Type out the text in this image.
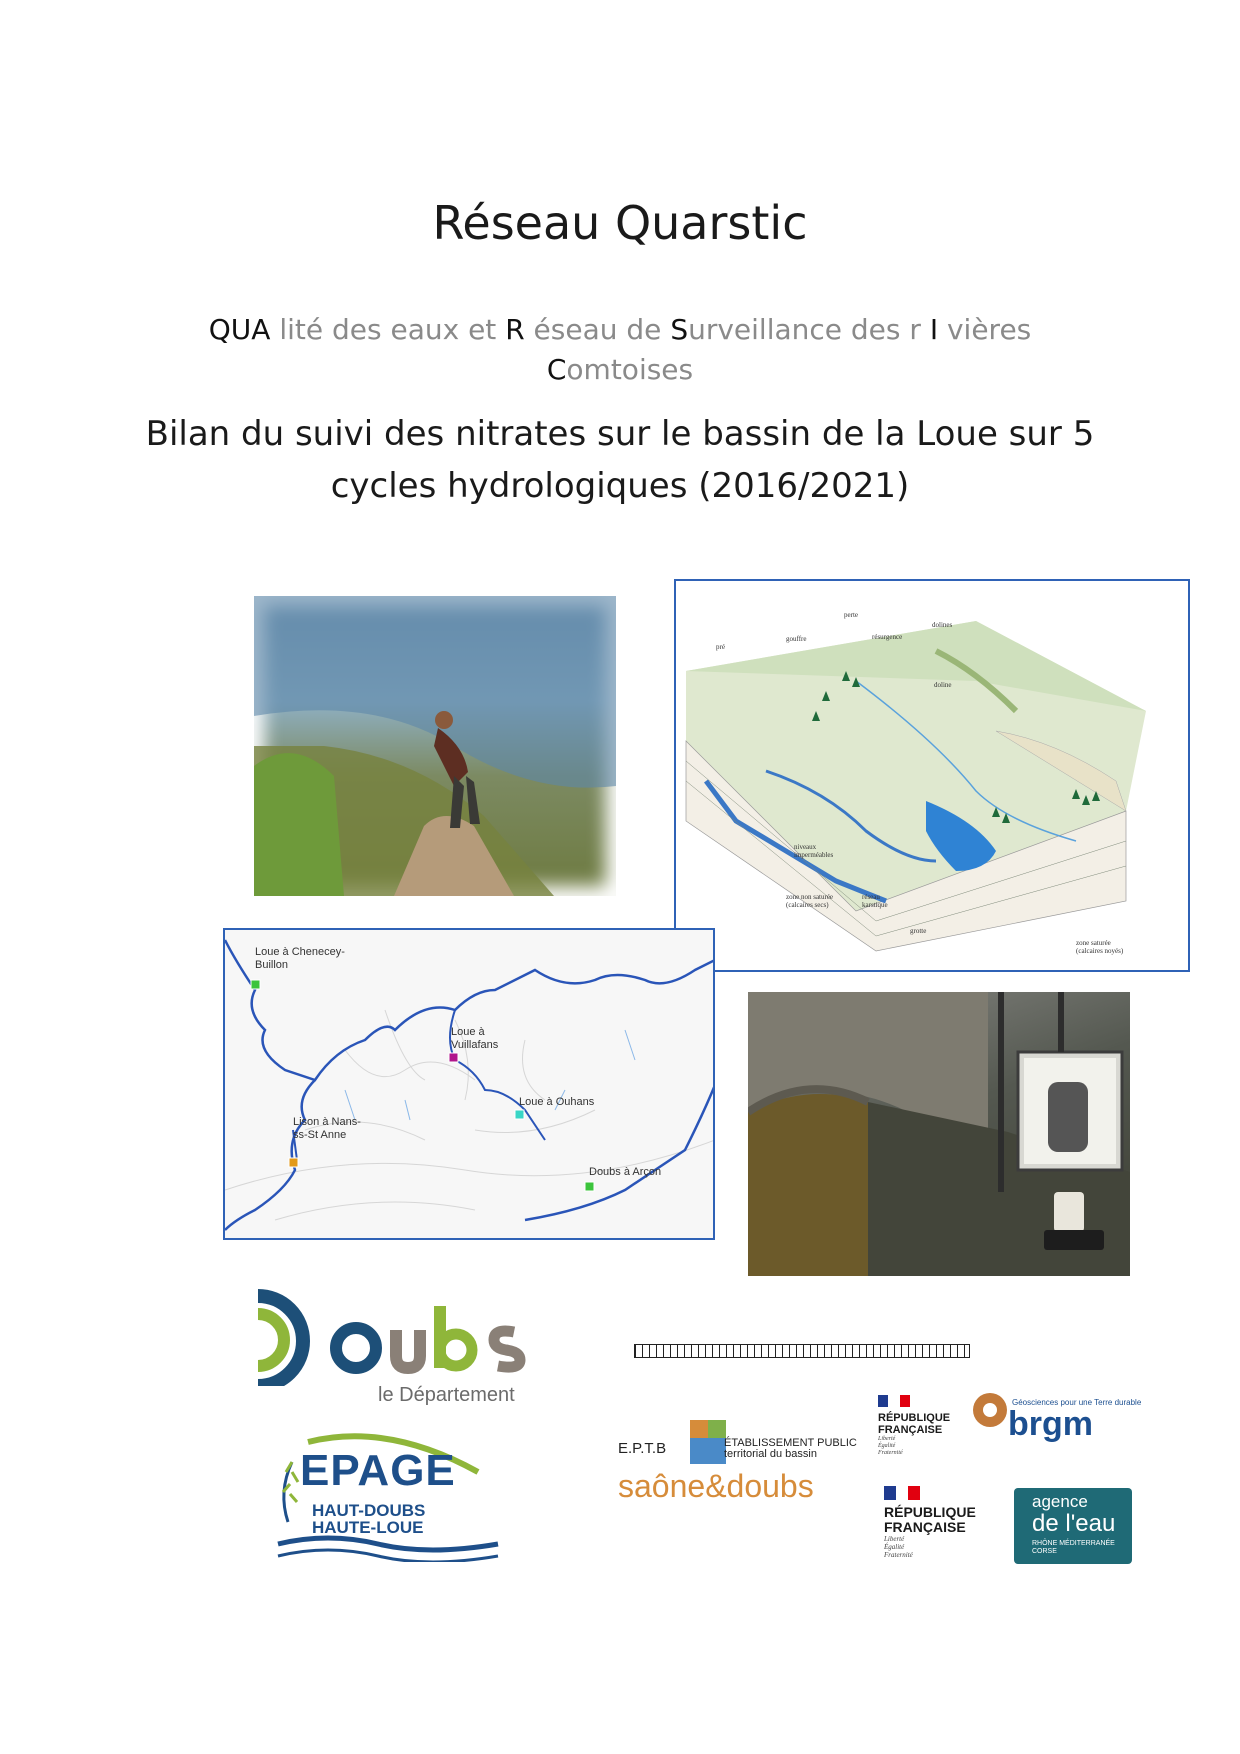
Réseau Quarstic
QUA lité des eaux et R éseau de Surveillance des r I vières
Comtoises
Bilan du suivi des nitrates sur le bassin de la Loue sur 5
cycles hydrologiques (2016/2021)
perte
pré
gouffre	résurgence
dolines
doline
niveaux imperméables
zone non saturée (calcaires secs)
réseau karstique
grotte
zone saturée (calcaires noyés)
Loue à Chenecey-Buillon
Loue à Vuillafans
Loue à Ouhans
Lison à Nans-ss-St Anne
Doubs à Arçon
le Département
EPAGE
HAUT-DOUBS
HAUTE-LOUE
E.P.T.B	ÉTABLISSEMENT PUBLIC
territorial du bassin
saône&doubs
RÉPUBLIQUE FRANÇAISE
Liberté Égalité Fraternité
Géosciences pour une Terre durable
brgm
RÉPUBLIQUE FRANÇAISE
Liberté Égalité Fraternité
agence
de l'eau
RHÔNE MÉDITERRANÉE CORSE
